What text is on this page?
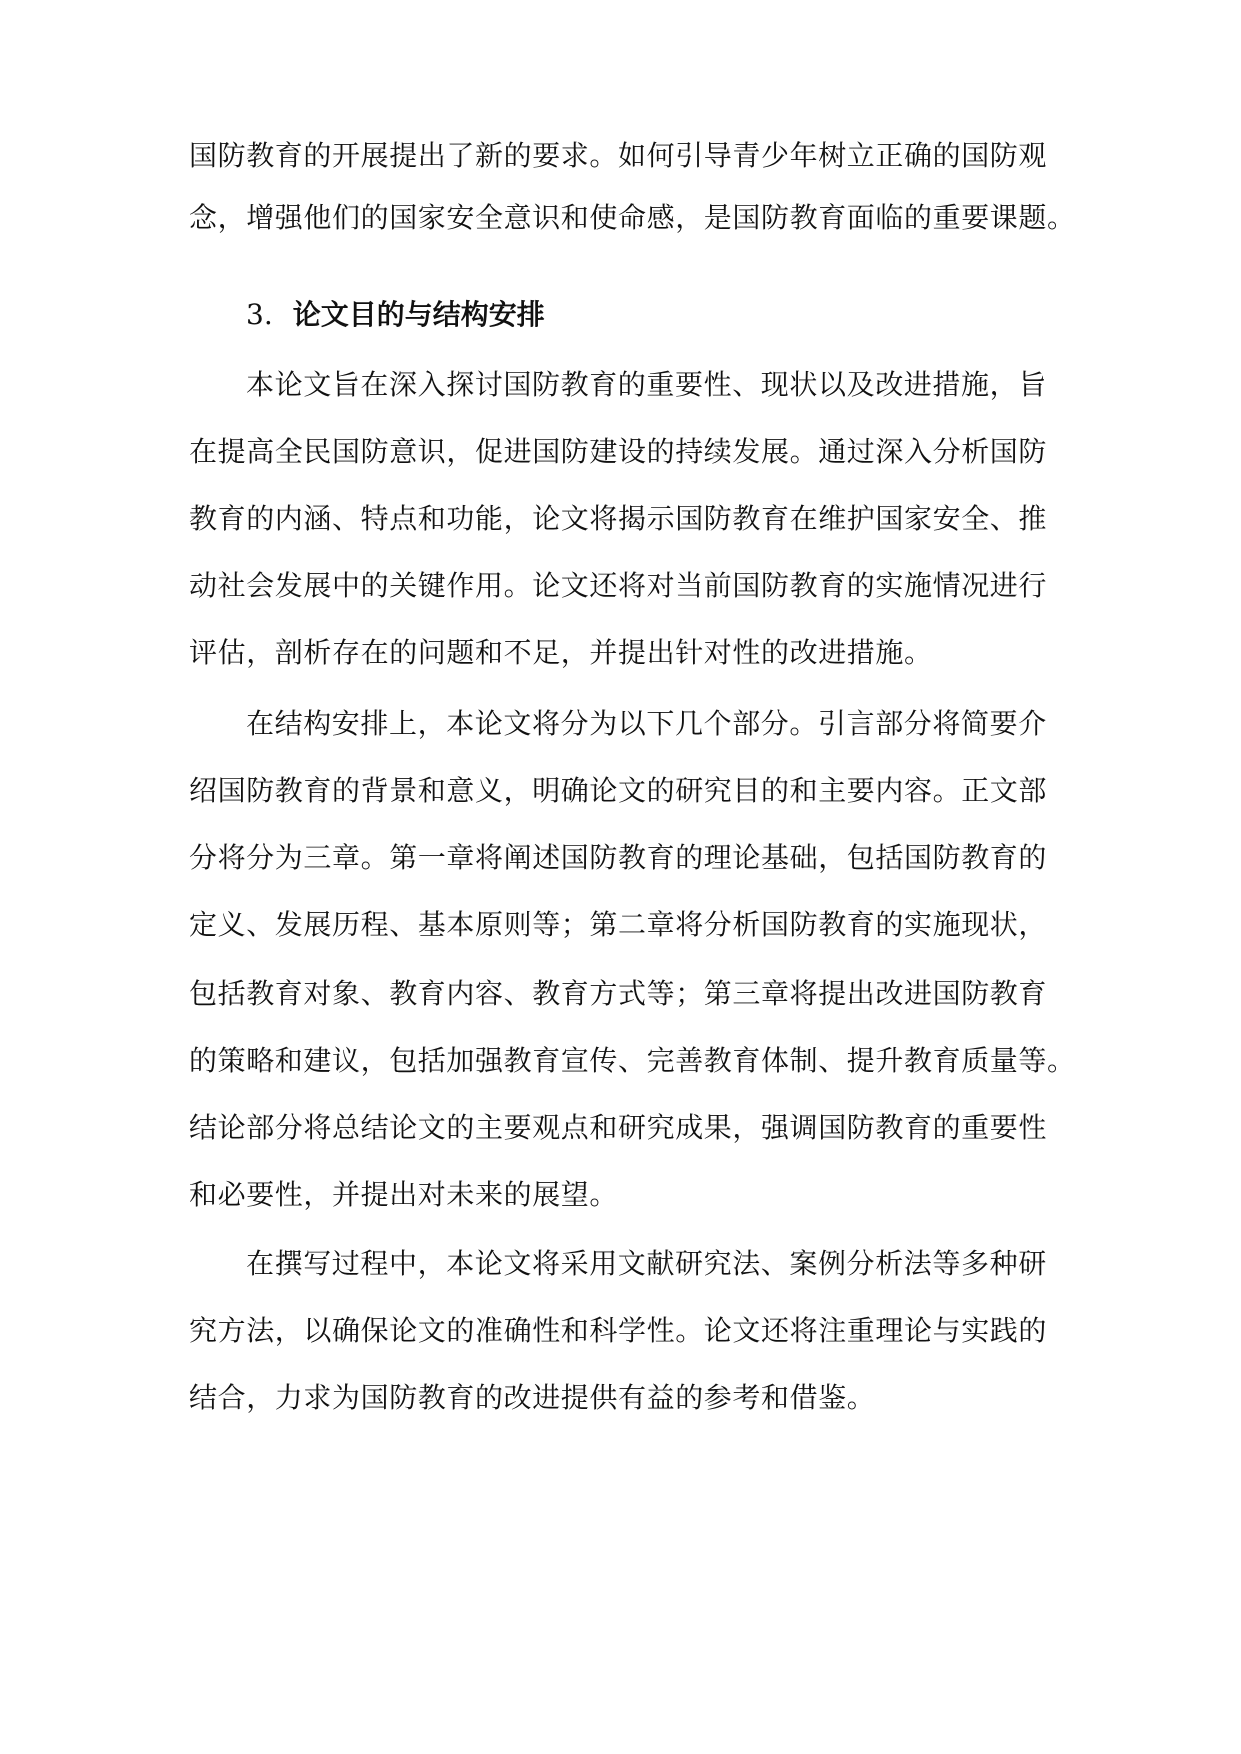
国防教育的开展提出了新的要求。如何引导青少年树立正确的国防观
念，增强他们的国家安全意识和使命感，是国防教育面临的重要课题。
3. 论文目的与结构安排
本论文旨在深入探讨国防教育的重要性、现状以及改进措施，旨
在提高全民国防意识，促进国防建设的持续发展。通过深入分析国防
教育的内涵、特点和功能，论文将揭示国防教育在维护国家安全、推
动社会发展中的关键作用。论文还将对当前国防教育的实施情况进行
评估，剖析存在的问题和不足，并提出针对性的改进措施。
在结构安排上，本论文将分为以下几个部分。引言部分将简要介
绍国防教育的背景和意义，明确论文的研究目的和主要内容。正文部
分将分为三章。第一章将阐述国防教育的理论基础，包括国防教育的
定义、发展历程、基本原则等；第二章将分析国防教育的实施现状，
包括教育对象、教育内容、教育方式等；第三章将提出改进国防教育
的策略和建议，包括加强教育宣传、完善教育体制、提升教育质量等。
结论部分将总结论文的主要观点和研究成果，强调国防教育的重要性
和必要性，并提出对未来的展望。
在撰写过程中，本论文将采用文献研究法、案例分析法等多种研
究方法，以确保论文的准确性和科学性。论文还将注重理论与实践的
结合，力求为国防教育的改进提供有益的参考和借鉴。
